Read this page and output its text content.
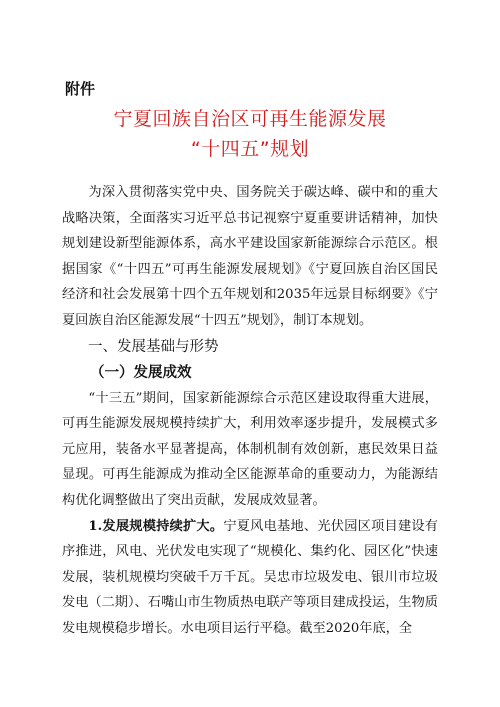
附件
宁夏回族自治区可再生能源发展
“十四五”规划

为深入贯彻落实党中央、国务院关于碳达峰、碳中和的重大战略决策，全面落实习近平总书记视察宁夏重要讲话精神，加快规划建设新型能源体系，高水平建设国家新能源综合示范区。根据国家《“十四五”可再生能源发展规划》《宁夏回族自治区国民经济和社会发展第十四个五年规划和2035年远景目标纲要》《宁夏回族自治区能源发展“十四五”规划》，制订本规划。

一、发展基础与形势
（一）发展成效

“十三五”期间，国家新能源综合示范区建设取得重大进展，可再生能源发展规模持续扩大，利用效率逐步提升，发展模式多元应用，装备水平显著提高，体制机制有效创新，惠民效果日益显现。可再生能源成为推动全区能源革命的重要动力，为能源结构优化调整做出了突出贡献，发展成效显著。

1.发展规模持续扩大。宁夏风电基地、光伏园区项目建设有序推进，风电、光伏发电实现了“规模化、集约化、园区化”快速发展，装机规模均突破千万千瓦。吴忠市垃圾发电、银川市垃圾发电（二期）、石嘴山市生物质热电联产等项目建成投运，生物质发电规模稳步增长。水电项目运行平稳。截至2020年底，全
